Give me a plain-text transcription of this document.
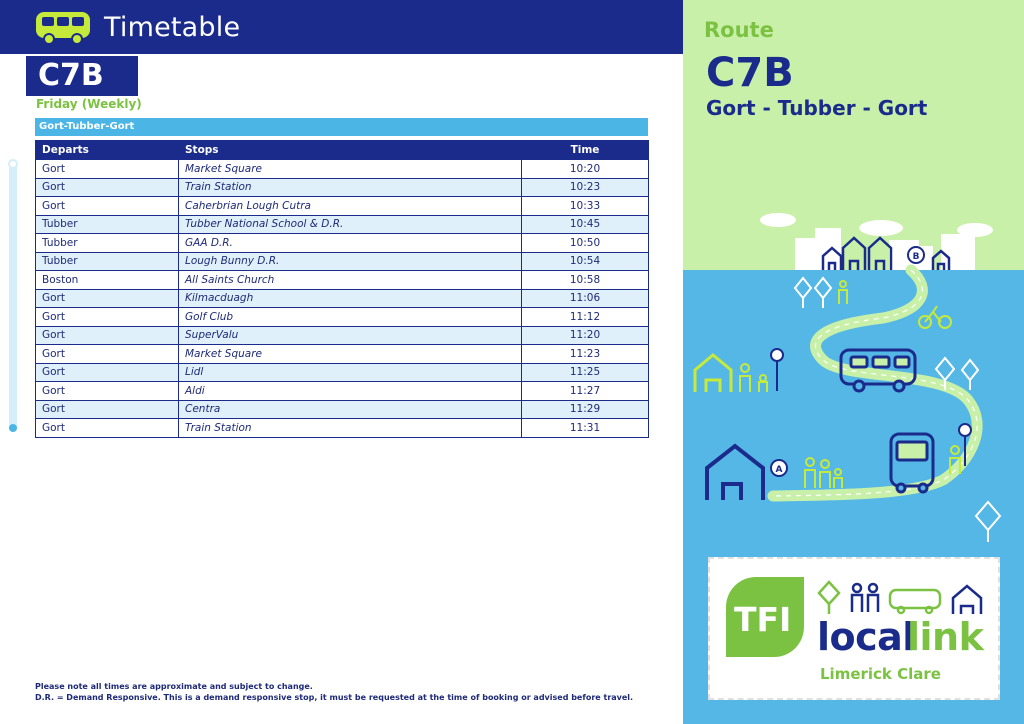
Timetable
C7B
Friday (Weekly)
Gort-Tubber-Gort
Departs	Stops	Time
Gort	Market Square	10:20
Gort	Train Station	10:23
Gort	Caherbrian Lough Cutra	10:33
Tubber	Tubber National School & D.R.	10:45
Tubber	GAA D.R.	10:50
Tubber	Lough Bunny D.R.	10:54
Boston	All Saints Church	10:58
Gort	Kilmacduagh	11:06
Gort	Golf Club	11:12
Gort	SuperValu	11:20
Gort	Market Square	11:23
Gort	Lidl	11:25
Gort	Aldi	11:27
Gort	Centra	11:29
Gort	Train Station	11:31
Please note all times are approximate and subject to change.
D.R. = Demand Responsive. This is a demand responsive stop, it must be requested at the time of booking or advised before travel.
Route
C7B
Gort - Tubber - Gort
B
A
TFI local
link
Limerick Clare
